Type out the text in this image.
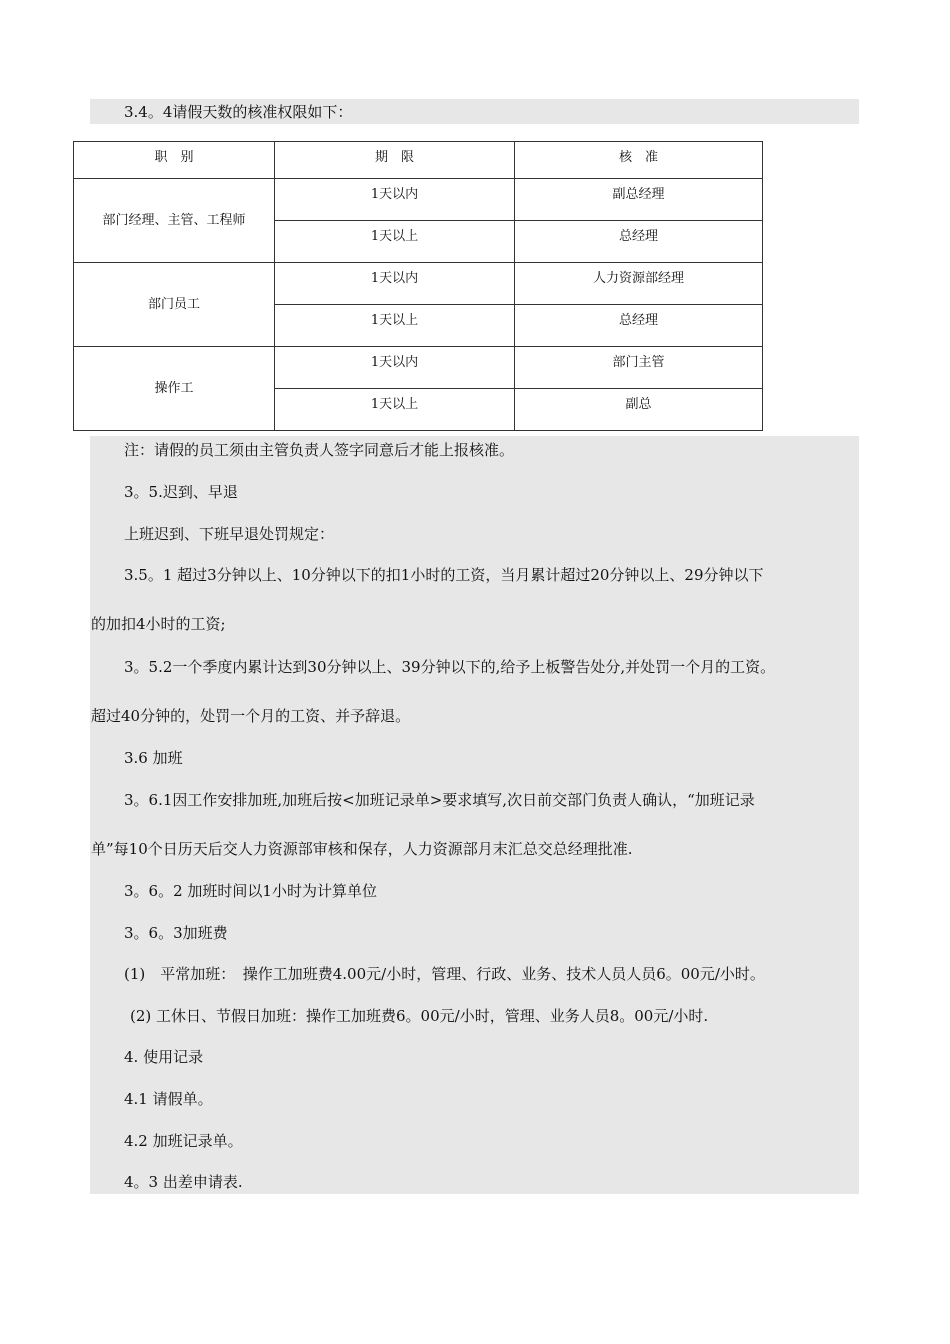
3.4。4请假天数的核准权限如下：
职　别	期　限	核　准
部门经理、主管、工程师	1天以内	副总经理
	1天以上	总经理
部门员工	1天以内	人力资源部经理
	1天以上	总经理
操作工	1天以内	部门主管
	1天以上	副总
注：请假的员工须由主管负责人签字同意后才能上报核准。
3。5.迟到、早退
上班迟到、下班早退处罚规定：
3.5。1 超过3分钟以上、10分钟以下的扣1小时的工资，当月累计超过20分钟以上、29分钟以下
的加扣4小时的工资;
3。5.2一个季度内累计达到30分钟以上、39分钟以下的,给予上板警告处分,并处罚一个月的工资。
超过40分钟的，处罚一个月的工资、并予辞退。
3.6 加班
3。6.1因工作安排加班,加班后按<加班记录单>要求填写,次日前交部门负责人确认，“加班记录
单”每10个日历天后交人力资源部审核和保存，人力资源部月末汇总交总经理批准.
3。6。2 加班时间以1小时为计算单位
3。6。3加班费
(1)　平常加班：　操作工加班费4.00元/小时，管理、行政、业务、技术人员人员6。00元/小时。
(2) 工休日、节假日加班：操作工加班费6。00元/小时，管理、业务人员8。00元/小时.
4. 使用记录
4.1 请假单。
4.2 加班记录单。
4。3 出差申请表.
